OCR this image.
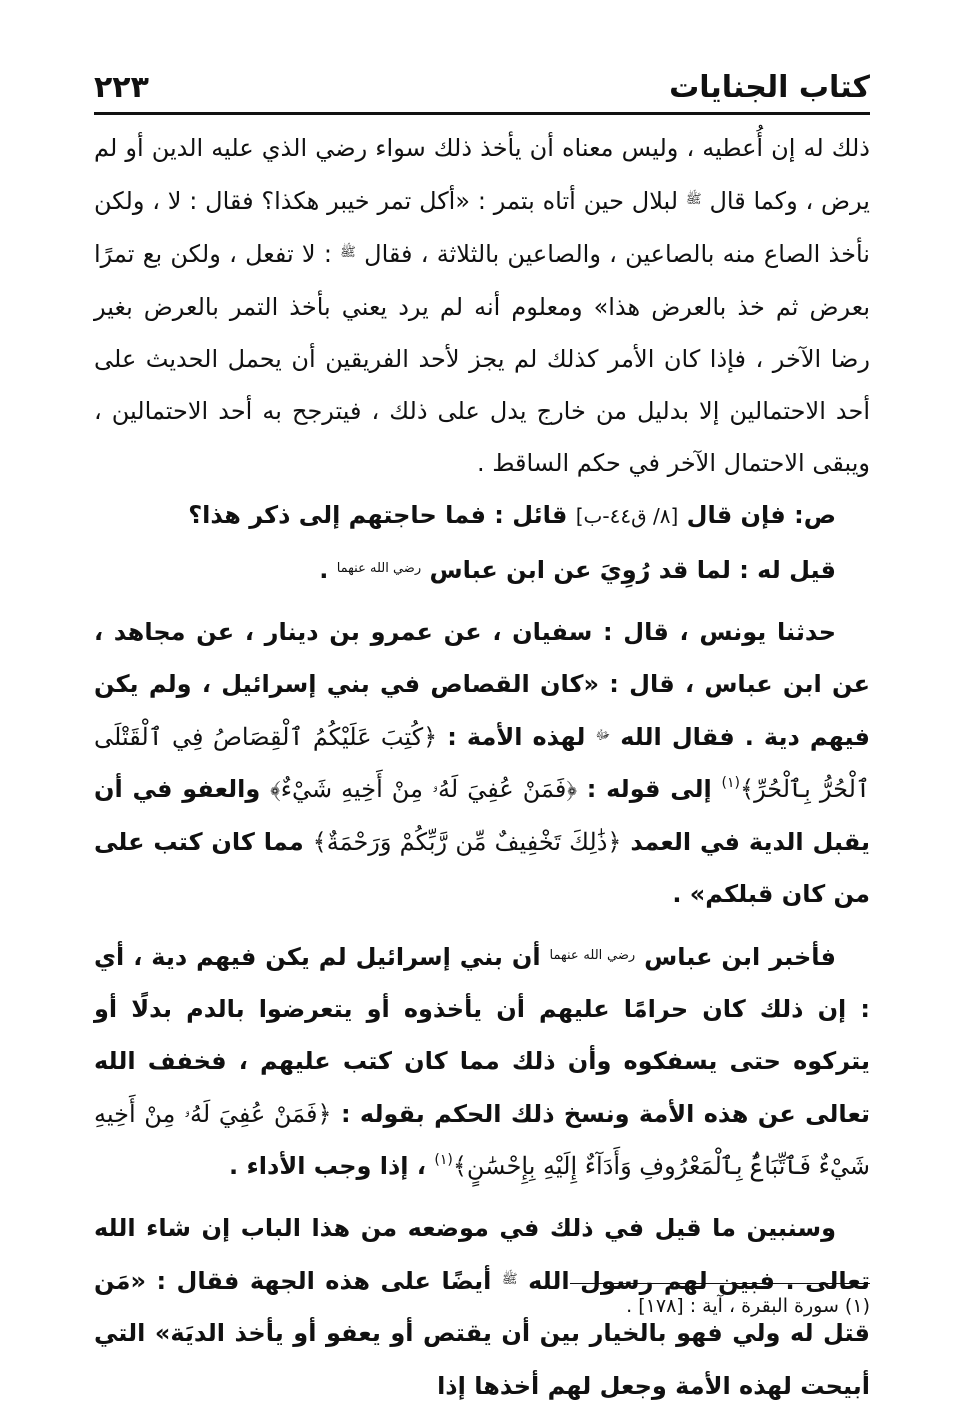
كتاب الجنايات
٢٢٣

ذلك له إن أُعطيه ، وليس معناه أن يأخذ ذلك سواء رضي الذي عليه الدين أو لم يرض ، وكما قال $^ﷺ$ لبلال حين أتاه بتمر : «أكل تمر خيبر هكذا؟ فقال : لا ، ولكن نأخذ الصاع منه بالصاعين ، والصاعين بالثلاثة ، فقال $^ﷺ$ : لا تفعل ، ولكن بع تمرًا بعرض ثم خذ بالعرض هذا» ومعلوم أنه لم يرد يعني بأخذ التمر بالعرض بغير رضا الآخر ، فإذا كان الأمر كذلك لم يجز لأحد الفريقين أن يحمل الحديث على أحد الاحتمالين إلا بدليل من خارج يدل على ذلك ، فيترجح به أحد الاحتمالين ، ويبقى الاحتمال الآخر في حكم الساقط .

ص: فإن قال [٨/ ق٤٤-ب] قائل : فما حاجتهم إلى ذكر هذا؟

قيل له : لما قد رُوِيَ عن ابن عباس $^{رضي الله عنهما}$ .

حدثنا يونس ، قال : سفيان ، عن عمرو بن دينار ، عن مجاهد ، عن ابن عباس ، قال : «كان القصاص في بني إسرائيل ، ولم يكن فيهم دية . فقال الله $^ﷻ$ لهذه الأمة : ﴿كُتِبَ عَلَيْكُمُ ٱلْقِصَاصُ فِي ٱلْقَتْلَى ٱلْحُرُّ بِٱلْحُرِّ﴾$^{(١)}$ إلى قوله : ﴿فَمَنْ عُفِيَ لَهُۥ مِنْ أَخِيهِ شَيْءٌ﴾ والعفو في أن يقبل الدية في العمد ﴿ذَٰلِكَ تَخْفِيفٌ مِّن رَّبِّكُمْ وَرَحْمَةٌ﴾ مما كان كتب على من كان قبلكم» .

فأخبر ابن عباس $^{رضي الله عنهما}$ أن بني إسرائيل لم يكن فيهم دية ، أي : إن ذلك كان حرامًا عليهم أن يأخذوه أو يتعرضوا بالدم بدلًا أو يتركوه حتى يسفكوه وأن ذلك مما كان كتب عليهم ، فخفف الله تعالى عن هذه الأمة ونسخ ذلك الحكم بقوله : ﴿فَمَنْ عُفِيَ لَهُۥ مِنْ أَخِيهِ شَيْءٌ فَٱتِّبَاعٌۢ بِٱلْمَعْرُوفِ وَأَدَآءٌ إِلَيْهِ بِإِحْسَٰنٍ﴾$^{(١)}$ ، إذا وجب الأداء .

وسنبين ما قيل في ذلك في موضعه من هذا الباب إن شاء الله تعالى . فبين لهم رسول الله $^ﷺ$ أيضًا على هذه الجهة فقال : «مَن قتل له ولي فهو بالخيار بين أن يقتص أو يعفو أو يأخذ الديَة» التي أبيحت لهذه الأمة وجعل لهم أخذها إذا

(١) سورة البقرة ، آية : [١٧٨] .
